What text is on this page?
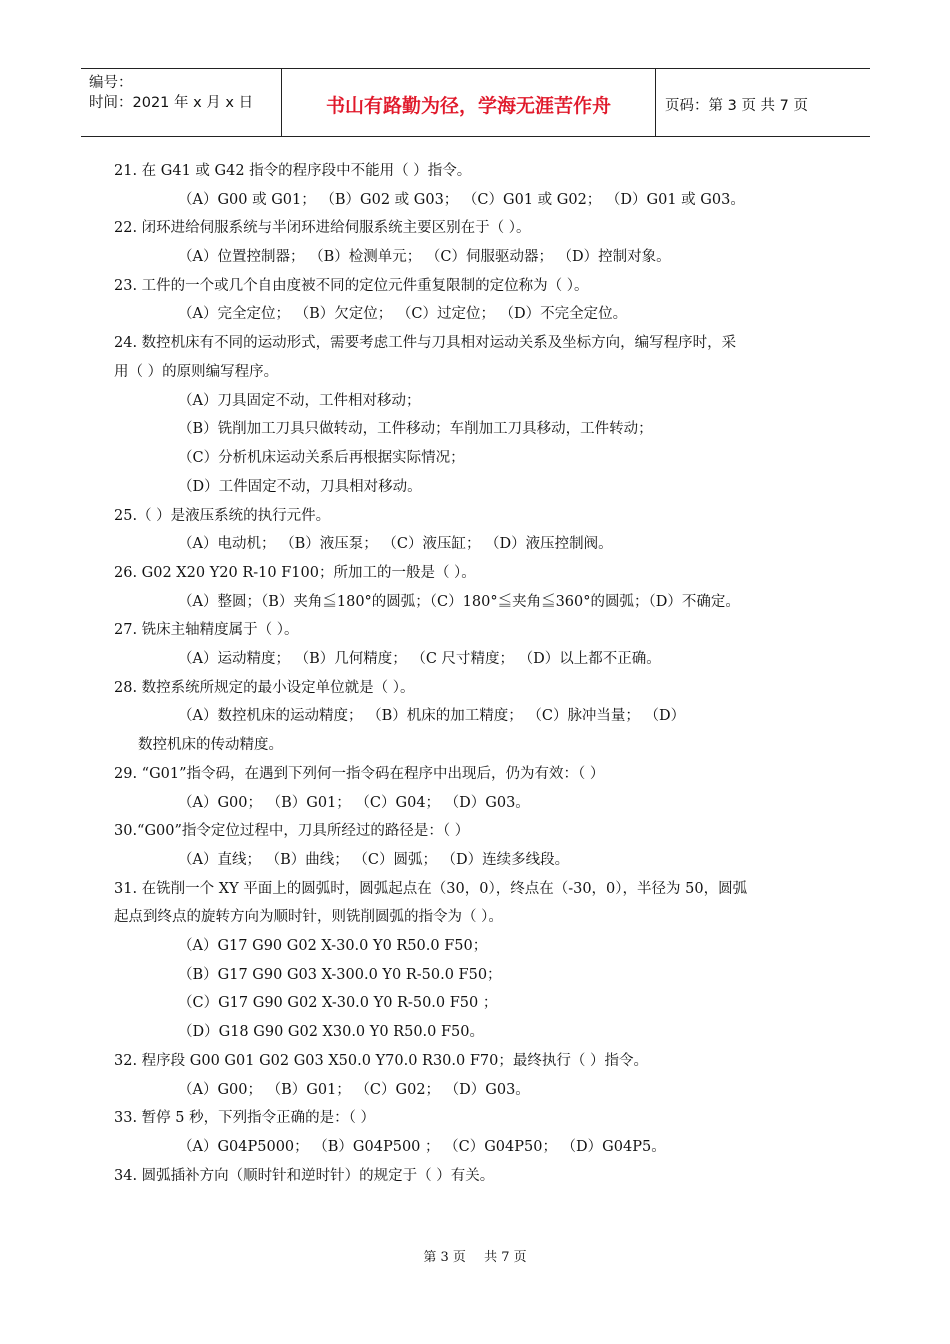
编号：
时间：2021 年 x 月 x 日	书山有路勤为径，学海无涯苦作舟	页码：第 3 页 共 7 页
21. 在 G41 或 G42 指令的程序段中不能用（ ）指令。
（A）G00 或 G01； （B）G02 或 G03； （C）G01 或 G02； （D）G01 或 G03。
22. 闭环进给伺服系统与半闭环进给伺服系统主要区别在于（ ）。
（A）位置控制器； （B）检测单元； （C）伺服驱动器； （D）控制对象。
23. 工件的一个或几个自由度被不同的定位元件重复限制的定位称为（ ）。
（A）完全定位； （B）欠定位； （C）过定位； （D）不完全定位。
24. 数控机床有不同的运动形式，需要考虑工件与刀具相对运动关系及坐标方向，编写程序时，采
用（ ）的原则编写程序。
（A）刀具固定不动，工件相对移动；
（B）铣削加工刀具只做转动，工件移动；车削加工刀具移动，工件转动；
（C）分析机床运动关系后再根据实际情况；
（D）工件固定不动，刀具相对移动。
25.（ ）是液压系统的执行元件。
（A）电动机； （B）液压泵； （C）液压缸； （D）液压控制阀。
26. G02 X20 Y20 R-10 F100；所加工的一般是（ ）。
（A）整圆；（B）夹角≦180°的圆弧；（C）180°≦夹角≦360°的圆弧；（D）不确定。
27. 铣床主轴精度属于（ ）。
（A）运动精度； （B）几何精度； （C 尺寸精度； （D）以上都不正确。
28. 数控系统所规定的最小设定单位就是（ ）。
（A）数控机床的运动精度； （B）机床的加工精度； （C）脉冲当量； （D）
数控机床的传动精度。
29. “G01”指令码，在遇到下列何一指令码在程序中出现后，仍为有效：（ ）
（A）G00； （B）G01； （C）G04； （D）G03。
30.“G00”指令定位过程中，刀具所经过的路径是：（ ）
（A）直线； （B）曲线； （C）圆弧； （D）连续多线段。
31. 在铣削一个 XY 平面上的圆弧时，圆弧起点在（30，0），终点在（-30，0），半径为 50，圆弧
起点到终点的旋转方向为顺时针，则铣削圆弧的指令为（ ）。
（A）G17 G90 G02 X-30.0 Y0 R50.0 F50；
（B）G17 G90 G03 X-300.0 Y0 R-50.0 F50；
（C）G17 G90 G02 X-30.0 Y0 R-50.0 F50 ；
（D）G18 G90 G02 X30.0 Y0 R50.0 F50。
32. 程序段 G00 G01 G02 G03 X50.0 Y70.0 R30.0 F70；最终执行（ ）指令。
（A）G00； （B）G01； （C）G02； （D）G03。
33. 暂停 5 秒，下列指令正确的是：（ ）
（A）G04P5000； （B）G04P500 ； （C）G04P50； （D）G04P5。
34. 圆弧插补方向（顺时针和逆时针）的规定于（ ）有关。
第 3 页 共 7 页
